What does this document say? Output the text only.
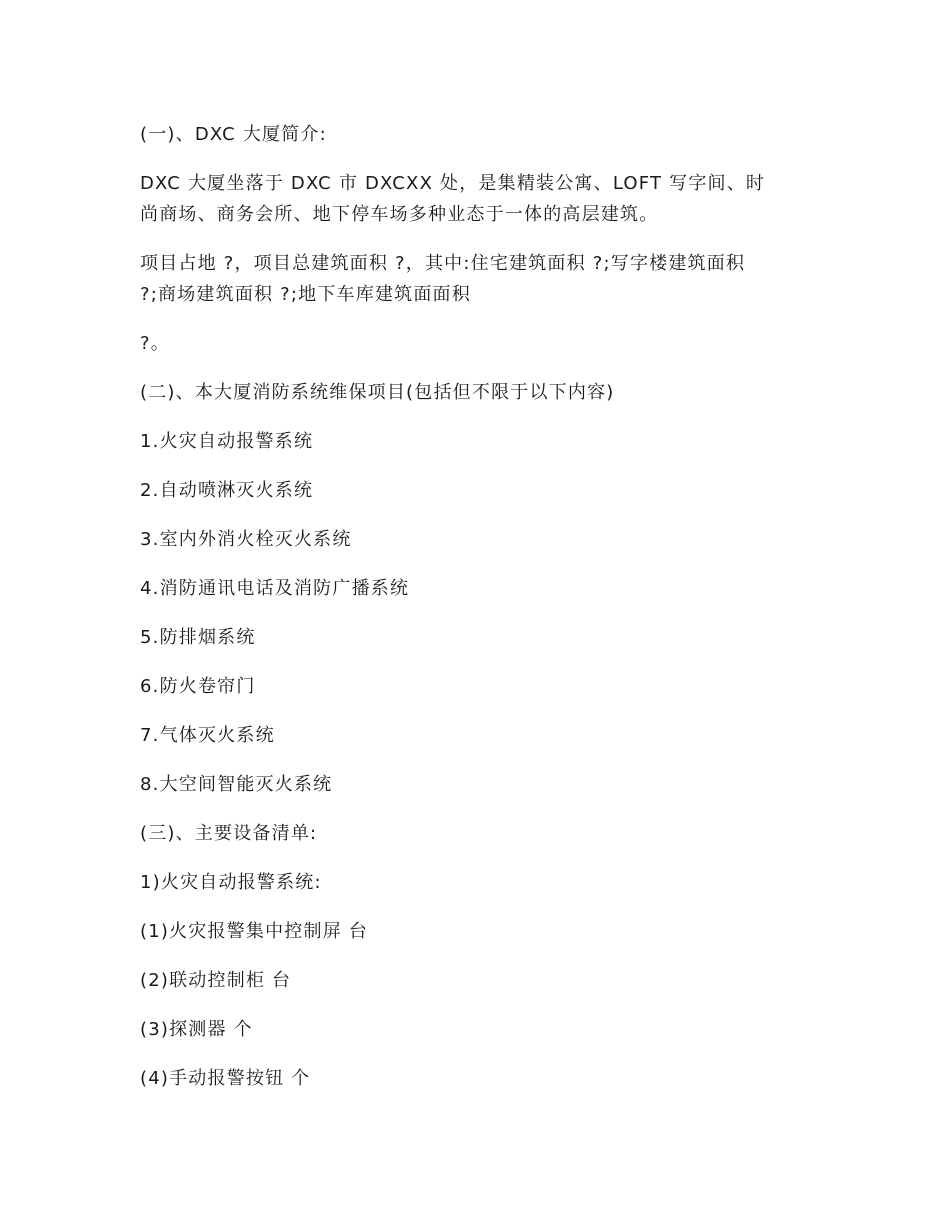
(一)、DXC 大厦简介:

DXC 大厦坐落于 DXC 市 DXCXX 处，是集精装公寓、LOFT 写字间、时
尚商场、商务会所、地下停车场多种业态于一体的高层建筑。

项目占地 ?，项目总建筑面积 ?，其中:住宅建筑面积 ?;写字楼建筑面积
?;商场建筑面积 ?;地下车库建筑面面积

?。

(二)、本大厦消防系统维保项目(包括但不限于以下内容)

1.火灾自动报警系统

2.自动喷淋灭火系统

3.室内外消火栓灭火系统

4.消防通讯电话及消防广播系统

5.防排烟系统

6.防火卷帘门

7.气体灭火系统

8.大空间智能灭火系统

(三)、主要设备清单:

1)火灾自动报警系统:

(1)火灾报警集中控制屏 台

(2)联动控制柜 台

(3)探测器 个

(4)手动报警按钮 个
